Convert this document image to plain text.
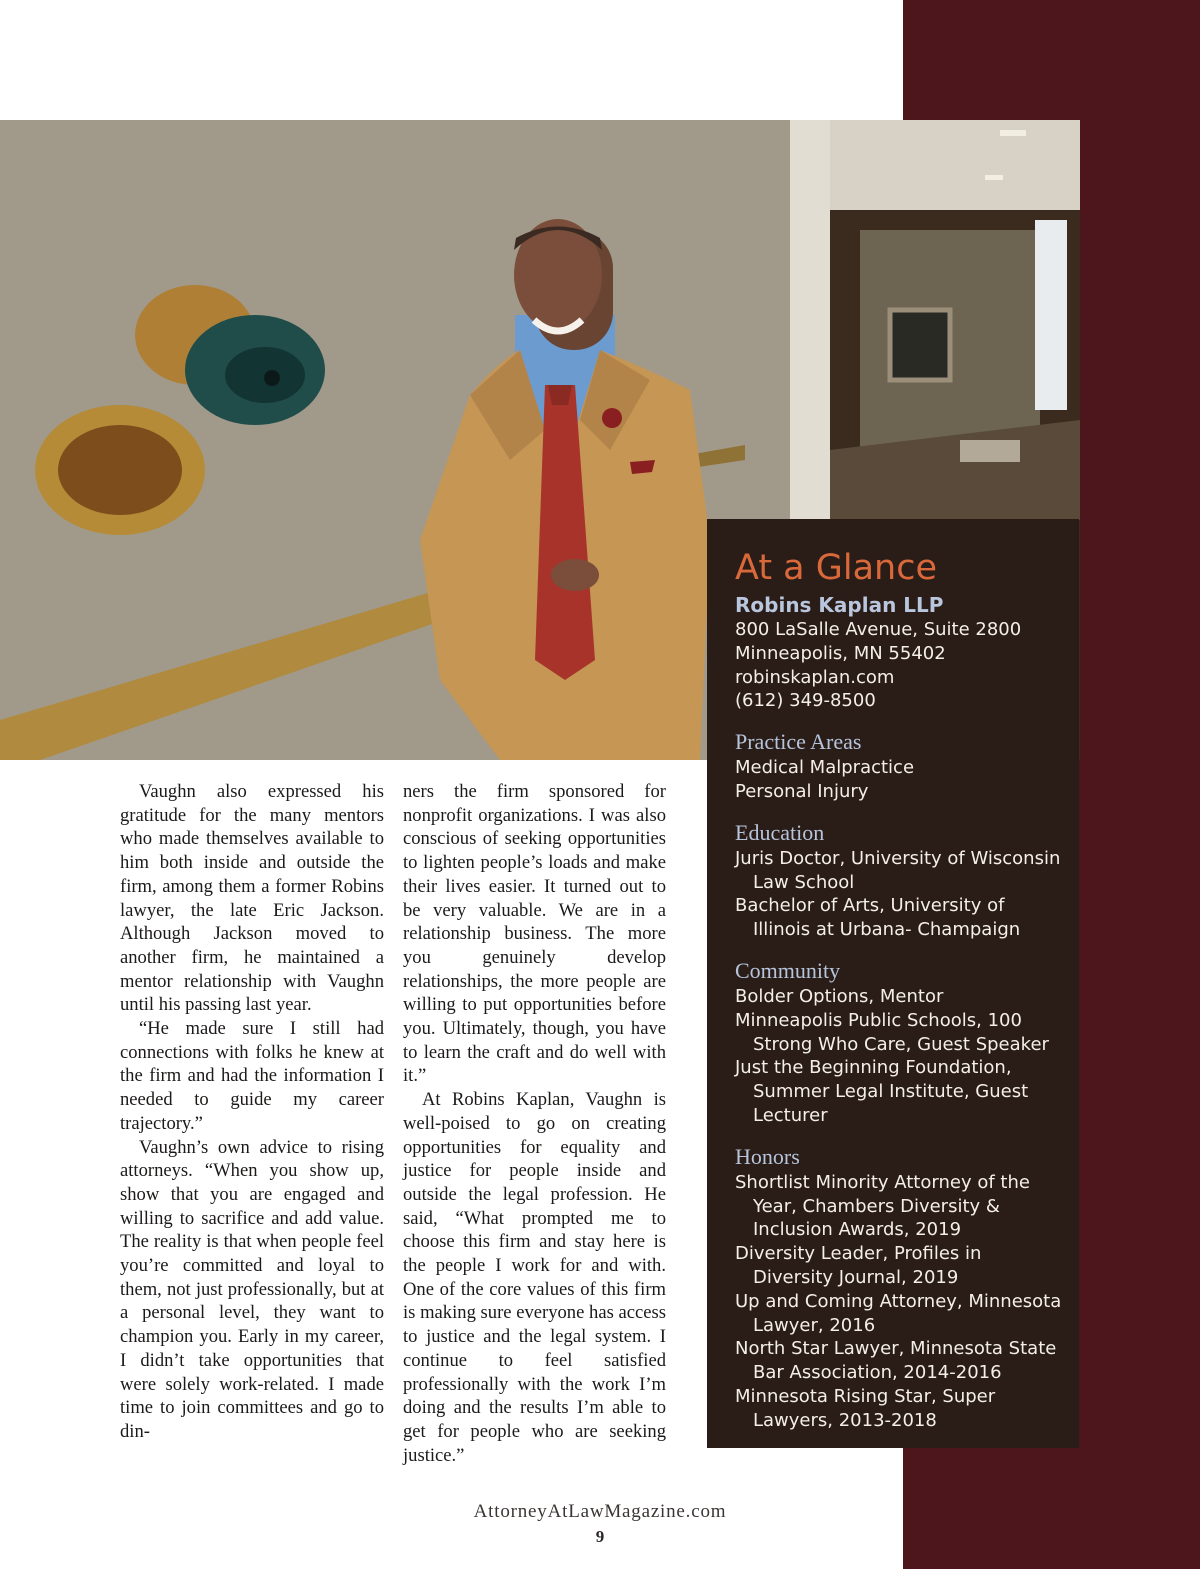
At a Glance
Robins Kaplan LLP
800 LaSalle Avenue, Suite 2800
Minneapolis, MN 55402
robinskaplan.com
(612) 349-8500
Practice Areas
Medical Malpractice
Personal Injury
Education
Juris Doctor, University of Wisconsin Law School
Bachelor of Arts, University of Illinois at Urbana- Champaign
Community
Bolder Options, Mentor
Minneapolis Public Schools, 100 Strong Who Care, Guest Speaker
Just the Beginning Foundation, Summer Legal Institute, Guest Lecturer
Honors
Shortlist Minority Attorney of the Year, Chambers Diversity & Inclusion Awards, 2019
Diversity Leader, Profiles in Diversity Journal, 2019
Up and Coming Attorney, Minnesota Lawyer, 2016
North Star Lawyer, Minnesota State Bar Association, 2014-2016
Minnesota Rising Star, Super Lawyers, 2013-2018

Vaughn also expressed his gratitude for the many mentors who made themselves available to him both inside and outside the firm, among them a former Robins lawyer, the late Eric Jackson. Although Jackson moved to another firm, he maintained a mentor relationship with Vaughn until his passing last year.

“He made sure I still had connections with folks he knew at the firm and had the information I needed to guide my career trajectory.”

Vaughn’s own advice to rising attorneys. “When you show up, show that you are engaged and willing to sacrifice and add value. The reality is that when people feel you’re committed and loyal to them, not just professionally, but at a personal level, they want to champion you. Early in my career, I didn’t take opportunities that were solely work-related. I made time to join committees and go to din-

ners the firm sponsored for nonprofit organizations. I was also conscious of seeking opportunities to lighten people’s loads and make their lives easier. It turned out to be very valuable. We are in a relationship business. The more you genuinely develop relationships, the more people are willing to put opportunities before you. Ultimately, though, you have to learn the craft and do well with it.”

At Robins Kaplan, Vaughn is well-poised to go on creating opportunities for equality and justice for people inside and outside the legal profession. He said, “What prompted me to choose this firm and stay here is the people I work for and with. One of the core values of this firm is making sure everyone has access to justice and the legal system. I continue to feel satisfied professionally with the work I’m doing and the results I’m able to get for people who are seeking justice.”

AttorneyAtLawMagazine.com
9
